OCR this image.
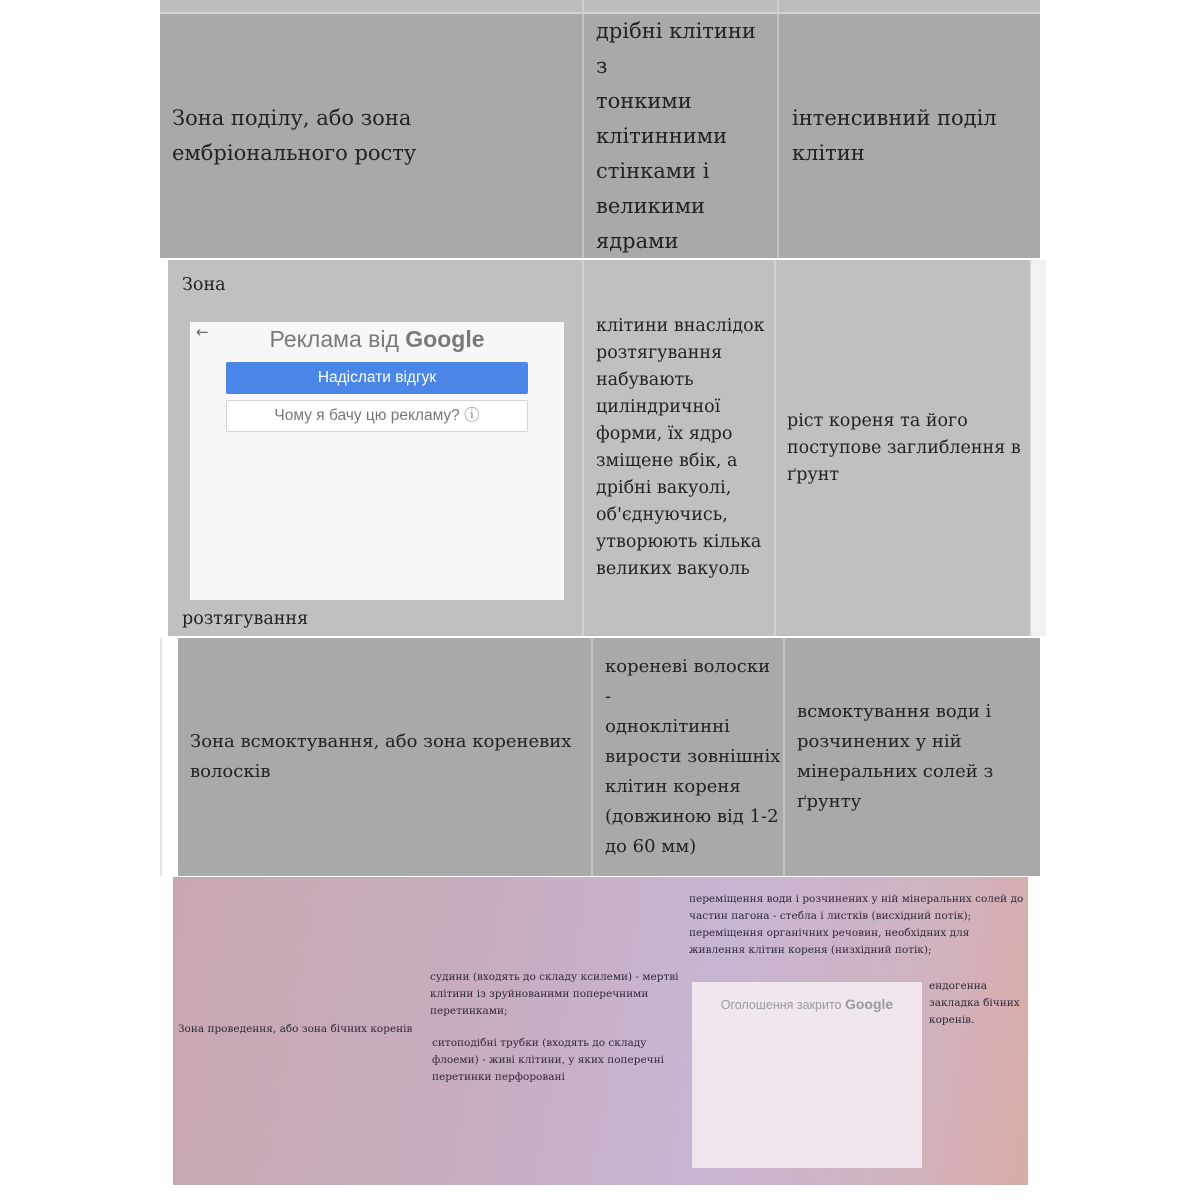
Зона поділу, або зона ембріонального росту
дрібні клітини з
тонкими
клітинними
стінками і
великими ядрами
інтенсивний поділ клітин
Зона
←	Реклама від Google
Надіслати відгук
Чому я бачу цю рекламу? ⓘ
розтягування
клітини внаслідок
розтягування
набувають
циліндричної
форми, їх ядро
зміщене вбік, а
дрібні вакуолі,
об'єднуючись,
утворюють кілька
великих вакуоль
ріст кореня та його
поступове заглиблення в
ґрунт
Зона всмоктування, або зона кореневих
волосків
кореневі волоски -
одноклітинні
вирости зовнішніх
клітин кореня
(довжиною від 1-2
до 60 мм)
всмоктування води і
розчинених у ній
мінеральних солей з
ґрунту
Зона проведення, або зона бічних коренів
судини (входять до складу ксилеми) - мертві
клітини із зруйнованими поперечними
перетинками;
ситоподібні трубки (входять до складу
флоеми) - живі клітини, у яких поперечні
перетинки перфоровані
переміщення води і розчинених у ній мінеральних солей до
частин пагона - стебла і листків (висхідний потік);
переміщення органічних речовин, необхідних для
живлення клітин кореня (низхідний потік);
Оголошення закрито Google
ендогенна
закладка бічних
коренів.
